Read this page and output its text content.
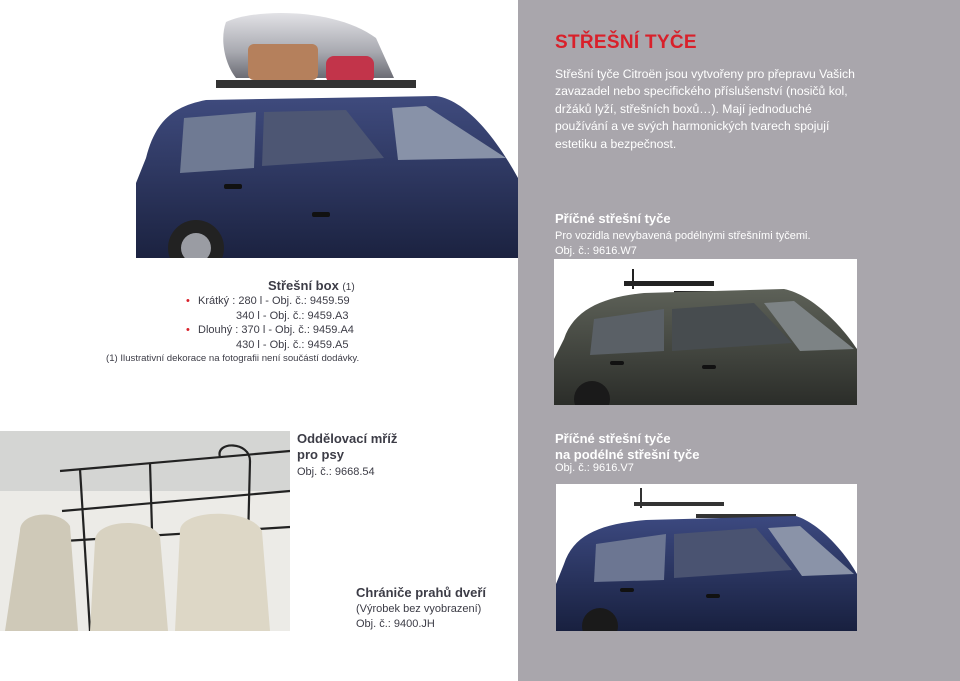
STŘEŠNÍ TYČE
Střešní tyče Citroën jsou vytvořeny pro přepravu Vašich zavazadel nebo specifického příslušenství (nosičů kol, držáků lyží, střešních boxů…). Mají jednoduché používání a ve svých harmonických tvarech spojují estetiku a bezpečnost.
Příčné střešní tyče
Pro vozidla nevybavená podélnými střešními tyčemi.
Obj. č.: 9616.W7
Střešní box (1)
• Krátký : 280 l - Obj. č.: 9459.59
340 l - Obj. č.: 9459.A3
• Dlouhý : 370 l - Obj. č.: 9459.A4
430 l - Obj. č.: 9459.A5
(1) Ilustrativní dekorace na fotografii není součástí dodávky.
Oddělovací mříž
pro psy
Obj. č.: 9668.54
Příčné střešní tyče
na podélné střešní tyče
Obj. č.: 9616.V7
Chrániče prahů dveří
(Výrobek bez vyobrazení)
Obj. č.: 9400.JH
